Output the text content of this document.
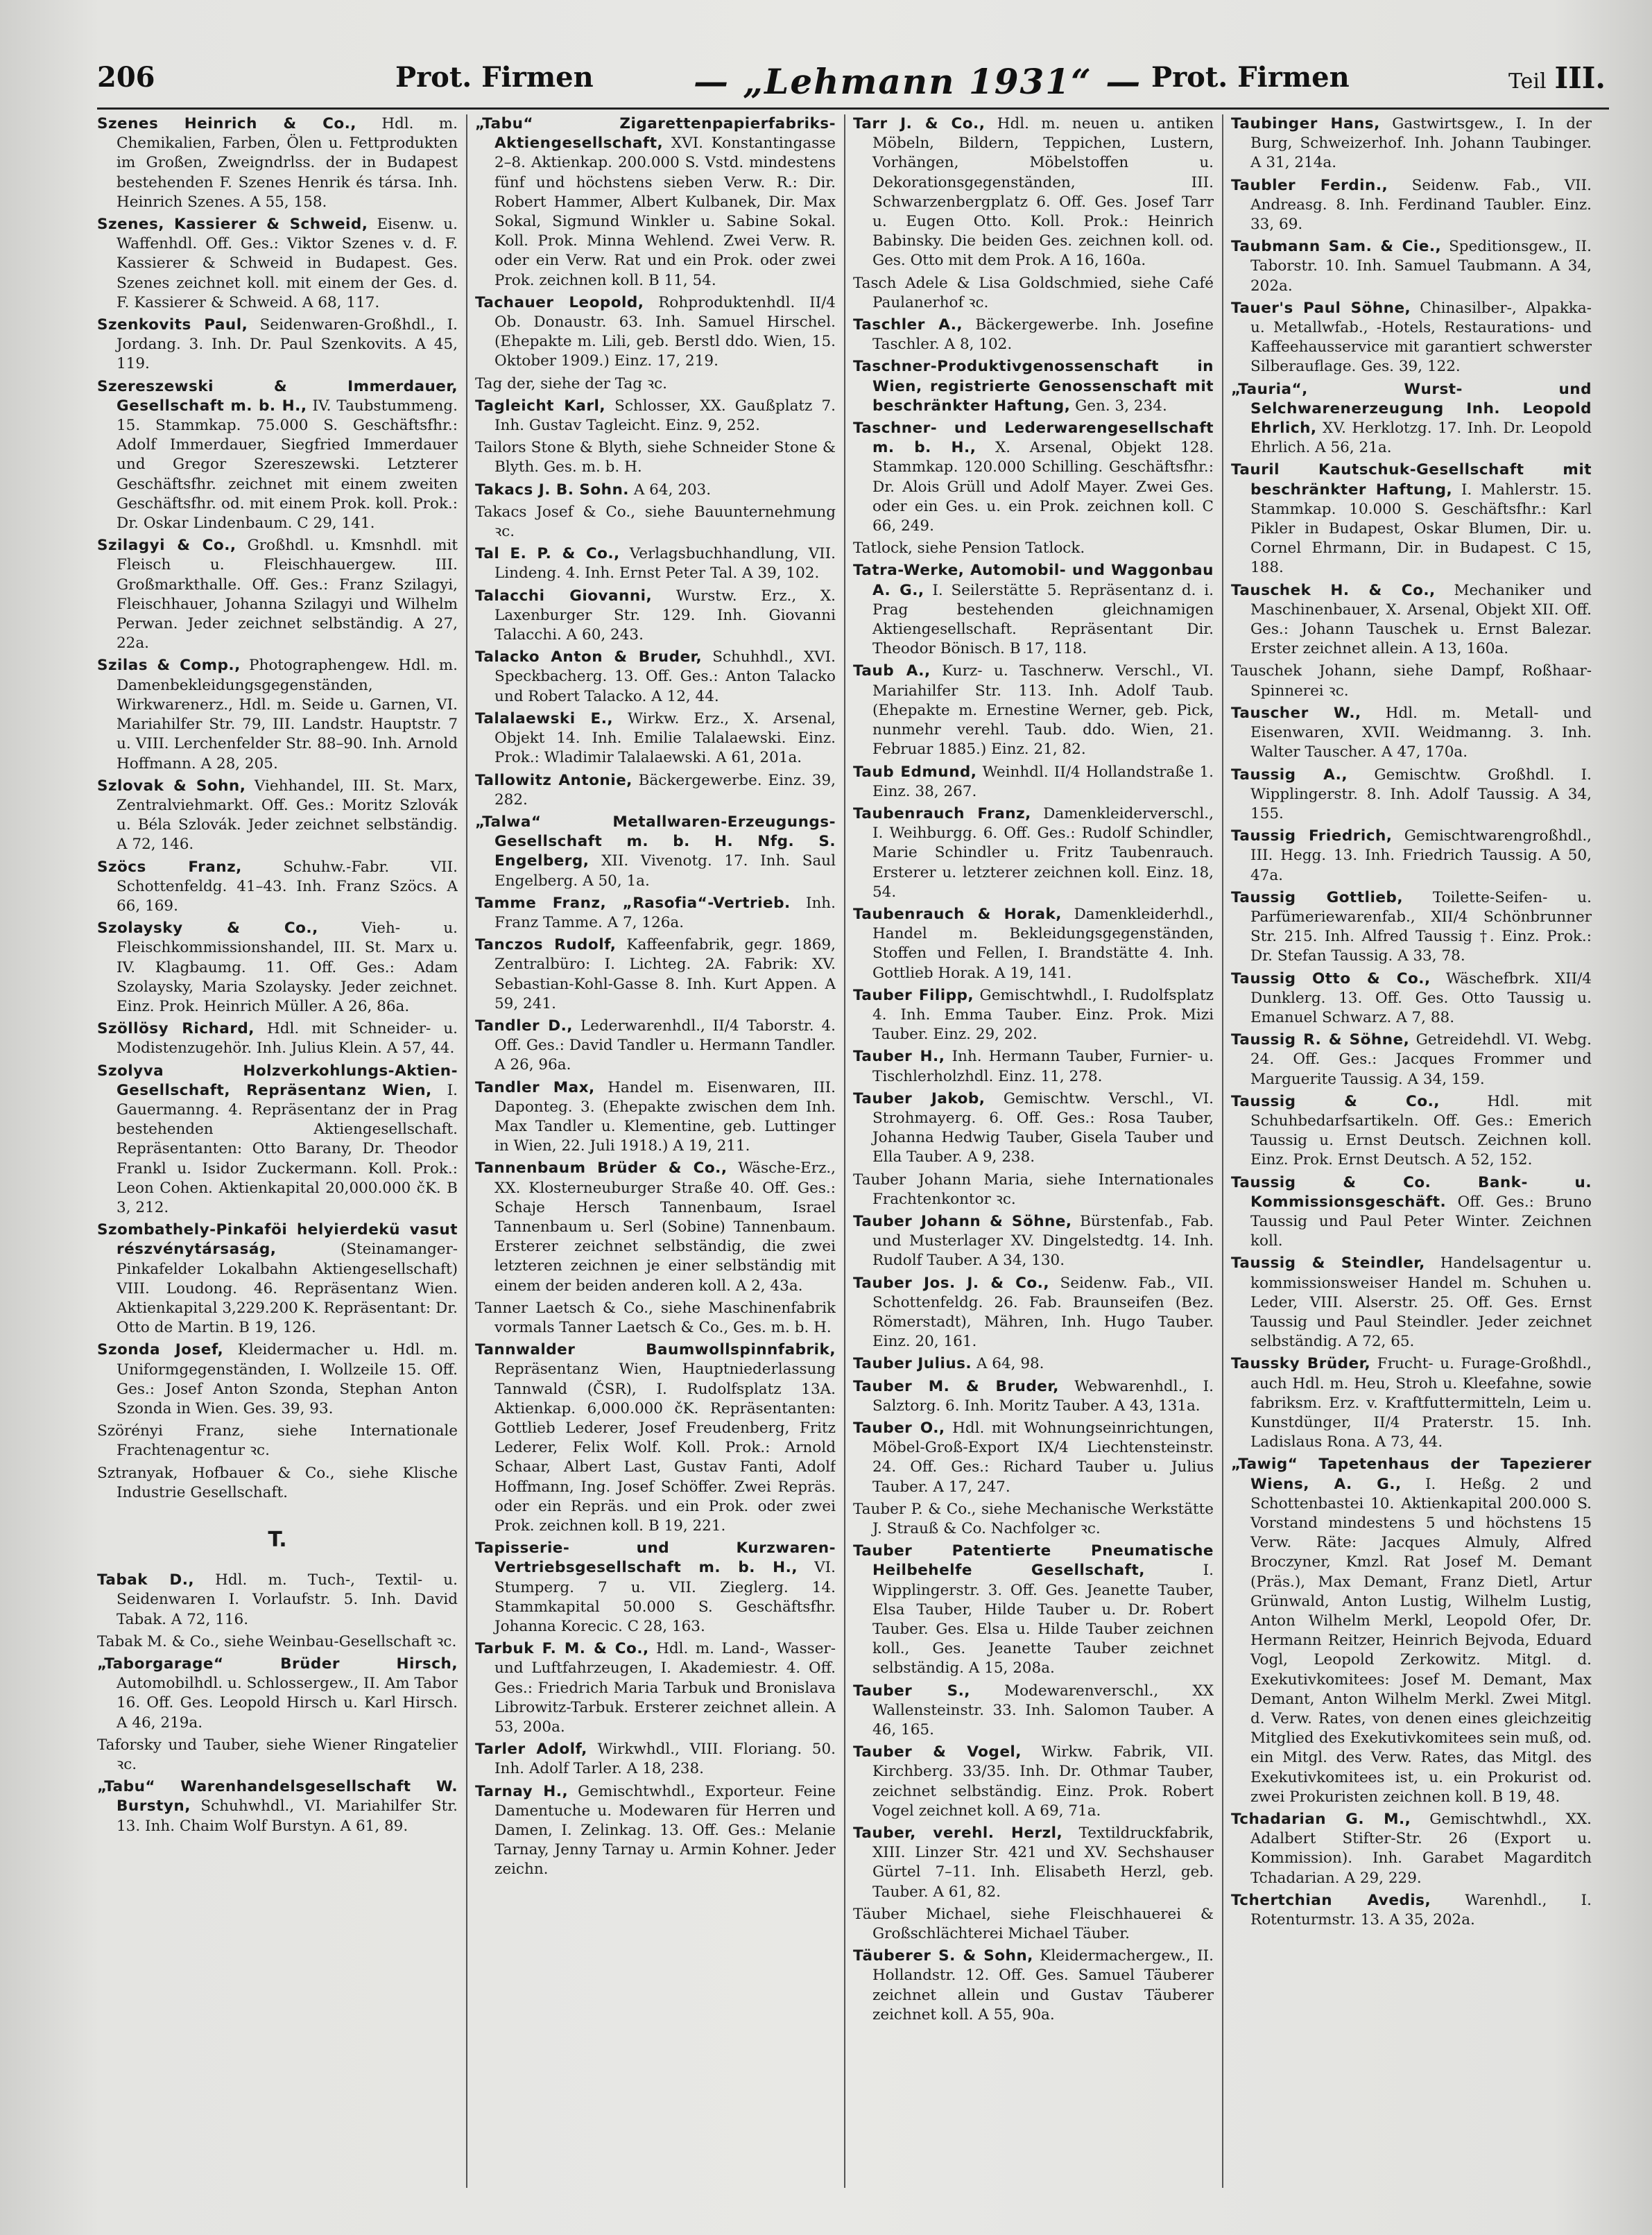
206	Prot. Firmen	— „Lehmann 1931“ — Prot. Firmen	Teil III.
Szenes Heinrich & Co., Hdl. m. Chemikalien, Farben, Ölen u. Fettprodukten im Großen, Zweigndrlss. der in Budapest bestehenden F. Szenes Henrik és társa. Inh. Heinrich Szenes. A 55, 158.
Szenes, Kassierer & Schweid, Eisenw. u. Waffenhdl. Off. Ges.: Viktor Szenes v. d. F. Kassierer & Schweid in Budapest. Ges. Szenes zeichnet koll. mit einem der Ges. d. F. Kassierer & Schweid. A 68, 117.
Szenkovits Paul, Seidenwaren-Großhdl., I. Jordang. 3. Inh. Dr. Paul Szenkovits. A 45, 119.
Szereszewski & Immerdauer, Gesellschaft m. b. H., IV. Taubstummeng. 15. Stammkap. 75.000 S. Geschäftsfhr.: Adolf Immerdauer, Siegfried Immerdauer und Gregor Szereszewski. Letzterer Geschäftsfhr. zeichnet mit einem zweiten Geschäftsfhr. od. mit einem Prok. koll. Prok.: Dr. Oskar Lindenbaum. C 29, 141.
Szilagyi & Co., Großhdl. u. Kmsnhdl. mit Fleisch u. Fleischhauergew. III. Großmarkthalle. Off. Ges.: Franz Szilagyi, Fleischhauer, Johanna Szilagyi und Wilhelm Perwan. Jeder zeichnet selbständig. A 27, 22a.
Szilas & Comp., Photographengew. Hdl. m. Damenbekleidungsgegenständen, Wirkwarenerz., Hdl. m. Seide u. Garnen, VI. Mariahilfer Str. 79, III. Landstr. Hauptstr. 7 u. VIII. Lerchenfelder Str. 88–90. Inh. Arnold Hoffmann. A 28, 205.
Szlovak & Sohn, Viehhandel, III. St. Marx, Zentralviehmarkt. Off. Ges.: Moritz Szlovák u. Béla Szlovák. Jeder zeichnet selbständig. A 72, 146.
Szöcs Franz,	Schuhw.-Fabr. VII. Schottenfeldg. 41–43. Inh. Franz Szöcs. A 66, 169.
Szolaysky & Co.,	Vieh- u. Fleischkommissionshandel, III. St. Marx u. IV. Klagbaumg. 11. Off. Ges.: Adam Szolaysky, Maria Szolaysky. Jeder zeichnet. Einz. Prok. Heinrich Müller. A 26, 86a.
Szöllösy Richard, Hdl. mit Schneider- u. Modistenzugehör. Inh. Julius Klein. A 57, 44.
Szolyva Holzverkohlungs-Aktien-Gesellschaft, Repräsentanz Wien, I. Gauermanng. 4. Repräsentanz der in Prag bestehenden Aktiengesellschaft. Repräsentanten: Otto Barany, Dr. Theodor Frankl u. Isidor Zuckermann. Koll. Prok.: Leon Cohen. Aktienkapital 20,000.000 čK. B 3, 212.
Szombathely-Pinkaföi helyierdekü vasut részvénytársaság,	(Steinamanger-Pinkafelder Lokalbahn Aktiengesellschaft) VIII. Loudong. 46. Repräsentanz Wien. Aktienkapital 3,229.200 K. Repräsentant: Dr. Otto de Martin. B 19, 126.
Szonda Josef, Kleidermacher u. Hdl. m. Uniformgegenständen, I. Wollzeile 15. Off. Ges.: Josef Anton Szonda, Stephan Anton Szonda in Wien. Ges. 39, 93.
Szörényi Franz, siehe Internationale Frachtenagentur ꝛc.
Sztranyak, Hofbauer & Co., siehe Klische Industrie Gesellschaft.
T.
Tabak D., Hdl. m. Tuch-, Textil- u. Seidenwaren I. Vorlaufstr. 5. Inh. David Tabak. A 72, 116.
Tabak M. & Co., siehe Weinbau-Gesellschaft ꝛc.
„Taborgarage“ Brüder Hirsch, Automobilhdl. u. Schlossergew., II. Am Tabor 16. Off. Ges. Leopold Hirsch u. Karl Hirsch. A 46, 219a.
Taforsky und Tauber, siehe Wiener Ringatelier ꝛc.
„Tabu“ Warenhandelsgesellschaft W. Burstyn, Schuhwhdl., VI. Mariahilfer Str. 13. Inh. Chaim Wolf Burstyn. A 61, 89.
„Tabu“ Zigarettenpapierfabriks-Aktiengesellschaft, XVI. Konstantingasse 2–8. Aktienkap. 200.000 S. Vstd. mindestens fünf und höchstens sieben Verw. R.: Dir. Robert Hammer, Albert Kulbanek, Dir. Max Sokal, Sigmund Winkler u. Sabine Sokal. Koll. Prok. Minna Wehlend. Zwei Verw. R. oder ein Verw. Rat und ein Prok. oder zwei Prok. zeichnen koll. B 11, 54.
Tachauer Leopold, Rohproduktenhdl. II/4 Ob. Donaustr. 63. Inh. Samuel Hirschel. (Ehepakte m. Lili, geb. Berstl ddo. Wien, 15. Oktober 1909.) Einz. 17, 219.
Tag der, siehe der Tag ꝛc.
Tagleicht Karl, Schlosser, XX. Gaußplatz 7. Inh. Gustav Tagleicht. Einz. 9, 252.
Tailors Stone & Blyth, siehe Schneider Stone & Blyth. Ges. m. b. H.
Takacs J. B. Sohn. A 64, 203.
Takacs Josef & Co., siehe Bauunternehmung ꝛc.
Tal E. P. & Co., Verlagsbuchhandlung, VII. Lindeng. 4. Inh. Ernst Peter Tal. A 39, 102.
Talacchi Giovanni, Wurstw. Erz., X. Laxenburger Str. 129. Inh. Giovanni Talacchi. A 60, 243.
Talacko Anton & Bruder, Schuhhdl., XVI. Speckbacherg. 13. Off. Ges.: Anton Talacko und Robert Talacko. A 12, 44.
Talalaewski E., Wirkw. Erz., X. Arsenal, Objekt 14. Inh. Emilie Talalaewski. Einz. Prok.: Wladimir Talalaewski. A 61, 201a.
Tallowitz Antonie, Bäckergewerbe. Einz. 39, 282.
„Talwa“ Metallwaren-Erzeugungs-Gesellschaft m. b. H. Nfg. S. Engelberg, XII. Vivenotg. 17. Inh. Saul Engelberg. A 50, 1a.
Tamme Franz, „Rasofia“-Vertrieb. Inh. Franz Tamme. A 7, 126a.
Tanczos Rudolf, Kaffeenfabrik, gegr. 1869, Zentralbüro: I. Lichteg. 2A. Fabrik: XV. Sebastian-Kohl-Gasse 8. Inh. Kurt Appen. A 59, 241.
Tandler D., Lederwarenhdl., II/4 Taborstr. 4. Off. Ges.: David Tandler u. Hermann Tandler. A 26, 96a.
Tandler Max, Handel m. Eisenwaren, III. Daponteg. 3. (Ehepakte zwischen dem Inh. Max Tandler u. Klementine, geb. Luttinger in Wien, 22. Juli 1918.) A 19, 211.
Tannenbaum Brüder & Co., Wäsche-Erz., XX. Klosterneuburger Straße 40. Off. Ges.: Schaje Hersch Tannenbaum, Israel Tannenbaum u. Serl (Sobine) Tannenbaum. Ersterer zeichnet selbständig, die zwei letzteren zeichnen je einer selbständig mit einem der beiden anderen koll. A 2, 43a.
Tanner Laetsch & Co., siehe Maschinenfabrik vormals Tanner Laetsch & Co., Ges. m. b. H.
Tannwalder Baumwollspinnfabrik, Repräsentanz Wien, Hauptniederlassung Tannwald (ČSR), I. Rudolfsplatz 13A. Aktienkap. 6,000.000 čK. Repräsentanten: Gottlieb Lederer, Josef Freudenberg, Fritz Lederer, Felix Wolf. Koll. Prok.: Arnold Schaar, Albert Last, Gustav Fanti, Adolf Hoffmann, Ing. Josef Schöffer. Zwei Repräs. oder ein Repräs. und ein Prok. oder zwei Prok. zeichnen koll. B 19, 221.
Tapisserie- und Kurzwaren-Vertriebsgesellschaft m. b. H., VI. Stumperg. 7 u. VII. Zieglerg. 14. Stammkapital 50.000 S. Geschäftsfhr. Johanna Korecic. C 28, 163.
Tarbuk F. M. & Co., Hdl. m. Land-, Wasser- und Luftfahrzeugen, I. Akademiestr. 4. Off. Ges.: Friedrich Maria Tarbuk und Bronislava Librowitz-Tarbuk. Ersterer zeichnet allein. A 53, 200a.
Tarler Adolf, Wirkwhdl., VIII. Floriang. 50. Inh. Adolf Tarler. A 18, 238.
Tarnay H., Gemischtwhdl., Exporteur. Feine Damentuche u. Modewaren für Herren und Damen, I. Zelinkag. 13. Off. Ges.: Melanie Tarnay, Jenny Tarnay u. Armin Kohner. Jeder zeichn.
Tarr J. & Co., Hdl. m. neuen u. antiken Möbeln, Bildern, Teppichen, Lustern, Vorhängen, Möbelstoffen u. Dekorationsgegenständen, III. Schwarzenbergplatz 6. Off. Ges. Josef Tarr u. Eugen Otto. Koll. Prok.: Heinrich Babinsky. Die beiden Ges. zeichnen koll. od. Ges. Otto mit dem Prok. A 16, 160a.
Tasch Adele & Lisa Goldschmied, siehe Café Paulanerhof ꝛc.
Taschler A., Bäckergewerbe. Inh. Josefine Taschler. A 8, 102.
Taschner-Produktivgenossenschaft in Wien, registrierte Genossenschaft mit beschränkter Haftung, Gen. 3, 234.
Taschner- und Lederwarengesellschaft m. b. H., X. Arsenal, Objekt 128. Stammkap. 120.000 Schilling. Geschäftsfhr.: Dr. Alois Grüll und Adolf Mayer. Zwei Ges. oder ein Ges. u. ein Prok. zeichnen koll. C 66, 249.
Tatlock, siehe Pension Tatlock.
Tatra-Werke, Automobil- und Waggonbau A. G., I. Seilerstätte 5. Repräsentanz d. i. Prag bestehenden gleichnamigen Aktiengesellschaft. Repräsentant Dir. Theodor Bönisch. B 17, 118.
Taub A., Kurz- u. Taschnerw. Verschl., VI. Mariahilfer Str. 113. Inh. Adolf Taub. (Ehepakte m. Ernestine Werner, geb. Pick, nunmehr verehl. Taub. ddo. Wien, 21. Februar 1885.) Einz. 21, 82.
Taub Edmund, Weinhdl. II/4 Hollandstraße 1. Einz. 38, 267.
Taubenrauch Franz, Damenkleiderverschl., I. Weihburgg. 6. Off. Ges.: Rudolf Schindler, Marie Schindler u. Fritz Taubenrauch. Ersterer u. letzterer zeichnen koll. Einz. 18, 54.
Taubenrauch & Horak, Damenkleiderhdl., Handel m. Bekleidungsgegenständen, Stoffen und Fellen, I. Brandstätte 4. Inh. Gottlieb Horak. A 19, 141.
Tauber Filipp, Gemischtwhdl., I. Rudolfsplatz 4. Inh. Emma Tauber. Einz. Prok. Mizi Tauber. Einz. 29, 202.
Tauber H., Inh. Hermann Tauber, Furnier- u. Tischlerholzhdl. Einz. 11, 278.
Tauber Jakob, Gemischtw. Verschl., VI. Strohmayerg. 6. Off. Ges.: Rosa Tauber, Johanna Hedwig Tauber, Gisela Tauber und Ella Tauber. A 9, 238.
Tauber Johann Maria, siehe Internationales Frachtenkontor ꝛc.
Tauber Johann & Söhne, Bürstenfab., Fab. und Musterlager XV. Dingelstedtg. 14. Inh. Rudolf Tauber. A 34, 130.
Tauber Jos. J. & Co., Seidenw. Fab., VII. Schottenfeldg. 26. Fab. Braunseifen (Bez. Römerstadt), Mähren, Inh. Hugo Tauber. Einz. 20, 161.
Tauber Julius. A 64, 98.
Tauber M. & Bruder, Webwarenhdl., I. Salztorg. 6. Inh. Moritz Tauber. A 43, 131a.
Tauber O., Hdl. mit Wohnungseinrichtungen, Möbel-Groß-Export IX/4 Liechtensteinstr. 24. Off. Ges.: Richard Tauber u. Julius Tauber. A 17, 247.
Tauber P. & Co., siehe Mechanische Werkstätte J. Strauß & Co. Nachfolger ꝛc.
Tauber Patentierte Pneumatische Heilbehelfe Gesellschaft,	I. Wipplingerstr. 3. Off. Ges. Jeanette Tauber, Elsa Tauber, Hilde Tauber u. Dr. Robert Tauber. Ges. Elsa u. Hilde Tauber zeichnen koll., Ges. Jeanette Tauber zeichnet selbständig. A 15, 208a.
Tauber S., Modewarenverschl., XX Wallensteinstr. 33. Inh. Salomon Tauber. A 46, 165.
Tauber & Vogel, Wirkw. Fabrik, VII. Kirchberg. 33/35. Inh. Dr. Othmar Tauber, zeichnet selbständig. Einz. Prok. Robert Vogel zeichnet koll. A 69, 71a.
Tauber, verehl. Herzl, Textildruckfabrik, XIII. Linzer Str. 421 und XV. Sechshauser Gürtel 7–11. Inh. Elisabeth Herzl, geb. Tauber. A 61, 82.
Täuber Michael, siehe Fleischhauerei & Großschlächterei Michael Täuber.
Täuberer S. & Sohn, Kleidermachergew., II. Hollandstr. 12. Off. Ges. Samuel Täuberer zeichnet allein und Gustav Täuberer zeichnet koll. A 55, 90a.
Taubinger Hans, Gastwirtsgew., I. In der Burg, Schweizerhof. Inh. Johann Taubinger. A 31, 214a.
Taubler Ferdin., Seidenw. Fab., VII. Andreasg. 8. Inh. Ferdinand Taubler. Einz. 33, 69.
Taubmann Sam. & Cie., Speditionsgew., II. Taborstr. 10. Inh. Samuel Taubmann. A 34, 202a.
Tauer's Paul Söhne, Chinasilber-, Alpakka- u. Metallwfab., -Hotels, Restaurations- und Kaffeehausservice mit garantiert schwerster Silberauflage. Ges. 39, 122.
„Tauria“, Wurst- und Selchwarenerzeugung Inh. Leopold Ehrlich, XV. Herklotzg. 17. Inh. Dr. Leopold Ehrlich. A 56, 21a.
Tauril Kautschuk-Gesellschaft mit beschränkter Haftung, I. Mahlerstr. 15. Stammkap. 10.000 S. Geschäftsfhr.: Karl Pikler in Budapest, Oskar Blumen, Dir. u. Cornel Ehrmann, Dir. in Budapest. C 15, 188.
Tauschek H. & Co., Mechaniker und Maschinenbauer, X. Arsenal, Objekt XII. Off. Ges.: Johann Tauschek u. Ernst Balezar. Erster zeichnet allein. A 13, 160a.
Tauschek Johann, siehe Dampf, Roßhaar-Spinnerei ꝛc.
Tauscher W., Hdl. m. Metall- und Eisenwaren, XVII. Weidmanng. 3. Inh. Walter Tauscher. A 47, 170a.
Taussig A., Gemischtw. Großhdl. I. Wipplingerstr. 8. Inh. Adolf Taussig. A 34, 155.
Taussig Friedrich, Gemischtwarengroßhdl., III. Hegg. 13. Inh. Friedrich Taussig. A 50, 47a.
Taussig Gottlieb, Toilette-Seifen- u. Parfümeriewarenfab., XII/4 Schönbrunner Str. 215. Inh. Alfred Taussig †. Einz. Prok.: Dr. Stefan Taussig. A 33, 78.
Taussig Otto & Co., Wäschefbrk. XII/4 Dunklerg. 13. Off. Ges. Otto Taussig u. Emanuel Schwarz. A 7, 88.
Taussig R. & Söhne, Getreidehdl. VI. Webg. 24. Off. Ges.: Jacques Frommer und Marguerite Taussig. A 34, 159.
Taussig & Co.,	Hdl. mit Schuhbedarfsartikeln. Off. Ges.: Emerich Taussig u. Ernst Deutsch. Zeichnen koll. Einz. Prok. Ernst Deutsch. A 52, 152.
Taussig & Co. Bank- u. Kommissionsgeschäft. Off. Ges.: Bruno Taussig und Paul Peter Winter. Zeichnen koll.
Taussig & Steindler, Handelsagentur u. kommissionsweiser Handel m. Schuhen u. Leder, VIII. Alserstr. 25. Off. Ges. Ernst Taussig und Paul Steindler. Jeder zeichnet selbständig. A 72, 65.
Taussky Brüder, Frucht- u. Furage-Großhdl., auch Hdl. m. Heu, Stroh u. Kleefahne, sowie fabriksm. Erz. v. Kraftfuttermitteln, Leim u. Kunstdünger, II/4 Praterstr. 15. Inh. Ladislaus Rona. A 73, 44.
„Tawig“ Tapetenhaus der Tapezierer Wiens, A. G., I. Heßg. 2 und Schottenbastei 10. Aktienkapital 200.000 S. Vorstand mindestens 5 und höchstens 15 Verw. Räte: Jacques Almuly, Alfred Broczyner, Kmzl. Rat Josef M. Demant (Präs.), Max Demant, Franz Dietl, Artur Grünwald, Anton Lustig, Wilhelm Lustig, Anton Wilhelm Merkl, Leopold Ofer, Dr. Hermann Reitzer, Heinrich Bejvoda, Eduard Vogl, Leopold Zerkowitz. Mitgl. d. Exekutivkomitees: Josef M. Demant, Max Demant, Anton Wilhelm Merkl. Zwei Mitgl. d. Verw. Rates, von denen eines gleichzeitig Mitglied des Exekutivkomitees sein muß, od. ein Mitgl. des Verw. Rates, das Mitgl. des Exekutivkomitees ist, u. ein Prokurist od. zwei Prokuristen zeichnen koll. B 19, 48.
Tchadarian G. M., Gemischtwhdl., XX. Adalbert Stifter-Str. 26 (Export u. Kommission). Inh. Garabet Magarditch Tchadarian. A 29, 229.
Tchertchian Avedis, Warenhdl., I. Rotenturmstr. 13. A 35, 202a.
